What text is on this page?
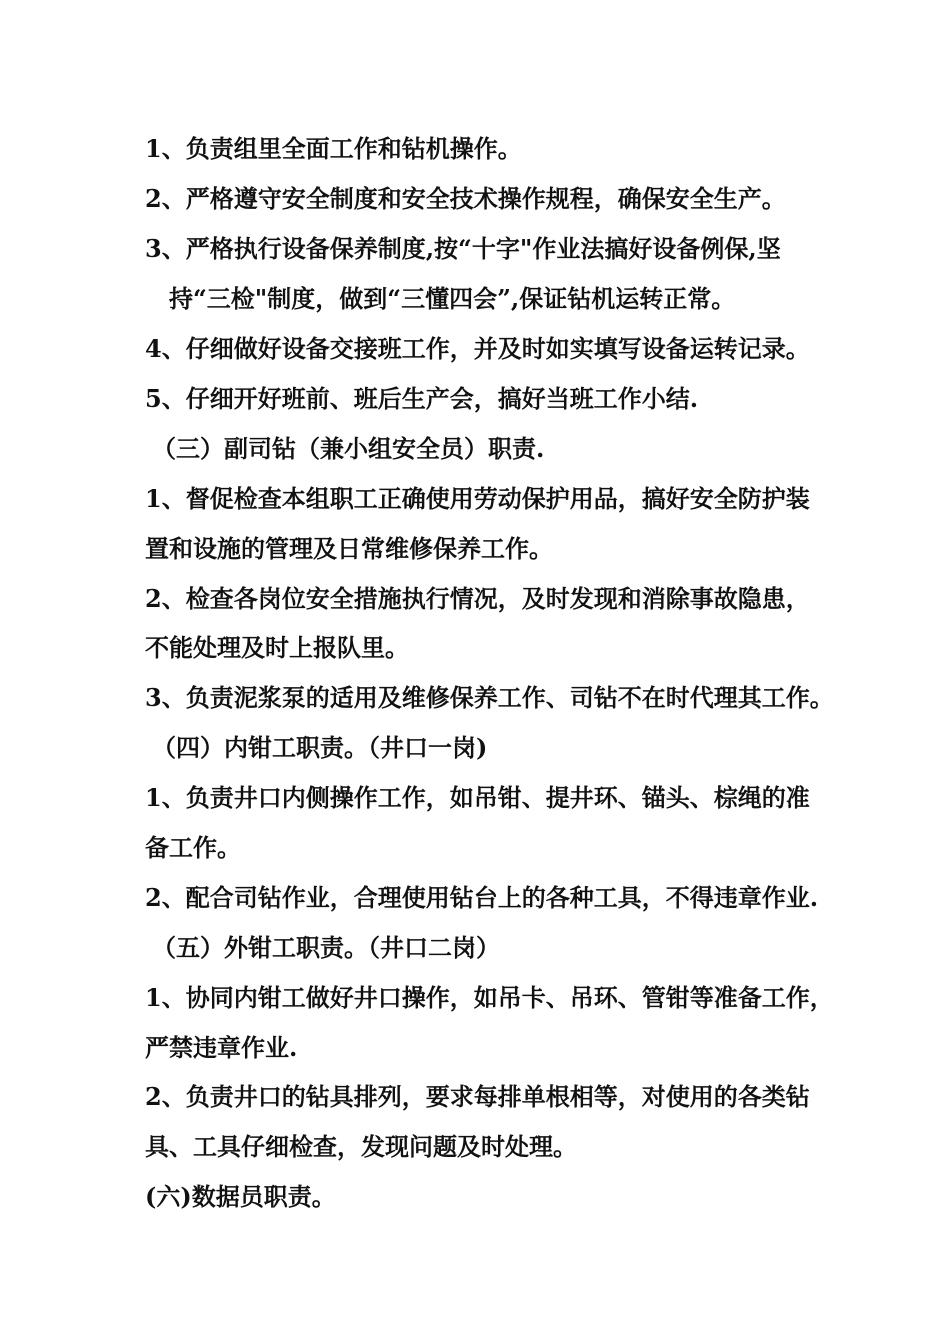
1、负责组里全面工作和钻机操作。
2、严格遵守安全制度和安全技术操作规程，确保安全生产。
3、严格执行设备保养制度,按“十字"作业法搞好设备例保,坚
持“三检"制度，做到“三懂四会”,保证钻机运转正常。
4、仔细做好设备交接班工作，并及时如实填写设备运转记录。
5、仔细开好班前、班后生产会，搞好当班工作小结.
（三）副司钻（兼小组安全员）职责.
1、督促检查本组职工正确使用劳动保护用品，搞好安全防护装
置和设施的管理及日常维修保养工作。
2、检查各岗位安全措施执行情况，及时发现和消除事故隐患，
不能处理及时上报队里。
3、负责泥浆泵的适用及维修保养工作、司钻不在时代理其工作。
（四）内钳工职责。（井口一岗)
1、负责井口内侧操作工作，如吊钳、提井环、锚头、棕绳的准
备工作。
2、配合司钻作业，合理使用钻台上的各种工具，不得违章作业.
（五）外钳工职责。（井口二岗）
1、协同内钳工做好井口操作，如吊卡、吊环、管钳等准备工作，
严禁违章作业.
2、负责井口的钻具排列，要求每排单根相等，对使用的各类钻
具、工具仔细检查，发现问题及时处理。
(六)数据员职责。
